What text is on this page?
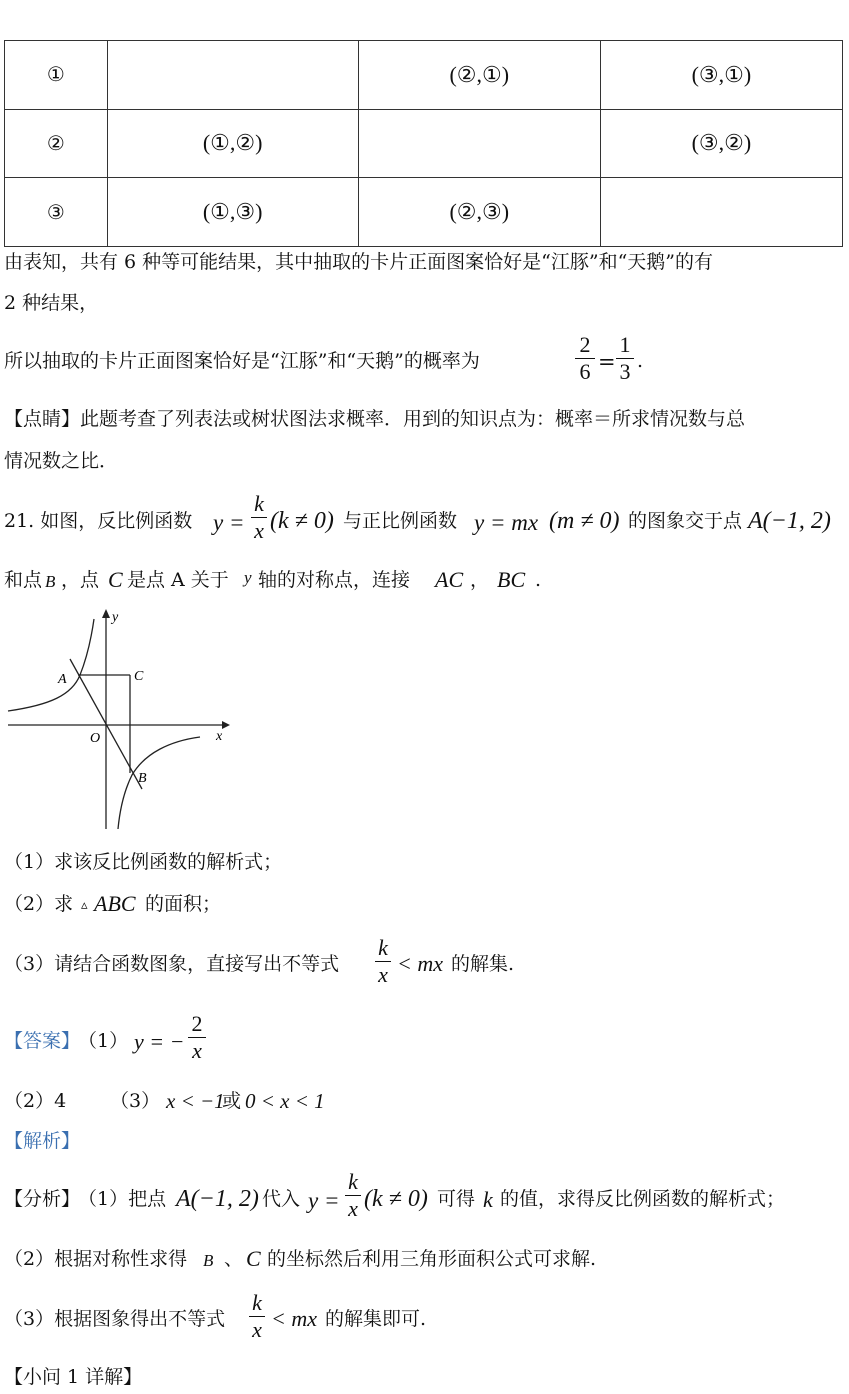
①		(②,①)	(③,①)
②	(①,②)		(③,②)
③	(①,③)	(②,③)	
由表知，共有 6 种等可能结果，其中抽取的卡片正面图案恰好是“江豚”和“天鹅”的有
2 种结果，
所以抽取的卡片正面图案恰好是“江豚”和“天鹅”的概率为
2
6 =
1
3 .
【点睛】此题考查了列表法或树状图法求概率．用到的知识点为：概率＝所求情况数与总
情况数之比．
21. 如图，反比例函数 y =
k
x (k ≠ 0) 与正比例函数 y = mx (m ≠ 0) 的图象交于点 A(−1, 2)
和点 B ，点 C 是点 A 关于 y 轴的对称点，连接 AC ， BC .
y
x
O
A	C
B
（1）求该反比例函数的解析式；
（2）求 ▵ ABC 的面积；
（3）请结合函数图象，直接写出不等式
k
x < mx 的解集.
【答案】
（1） y = −
2
x
（2）4 （3） x < −1
或 0 < x < 1
【解析】
【分析】
（1）把点 A(−1, 2) 代入 y =
k
x (k ≠ 0) 可得 k 的值，求得反比例函数的解析式；
（2）根据对称性求得 B 、 C 的坐标然后利用三角形面积公式可求解.
（3）根据图象得出不等式
k
x < mx 的解集即可.
【小问 1 详解】
